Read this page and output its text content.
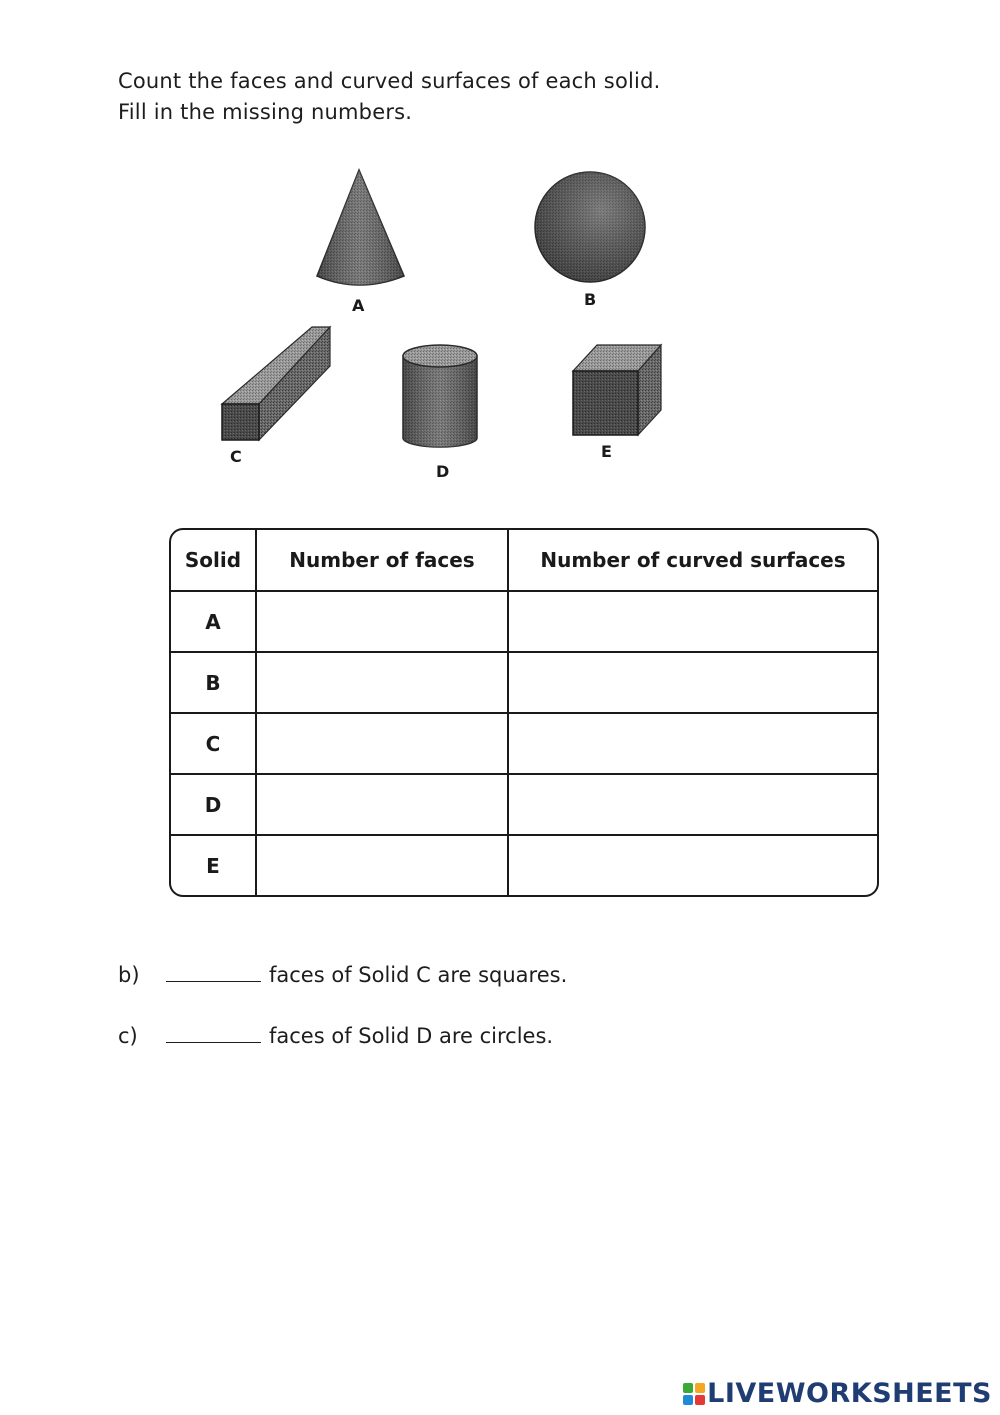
Count the faces and curved surfaces of each solid.
Fill in the missing numbers.
A	B
C
D
E
Solid	Number of faces	Number of curved surfaces
A		
B		
C		
D		
E		
b)	faces of Solid C are squares.
c)	faces of Solid D are circles.
LIVEWORKSHEETS
